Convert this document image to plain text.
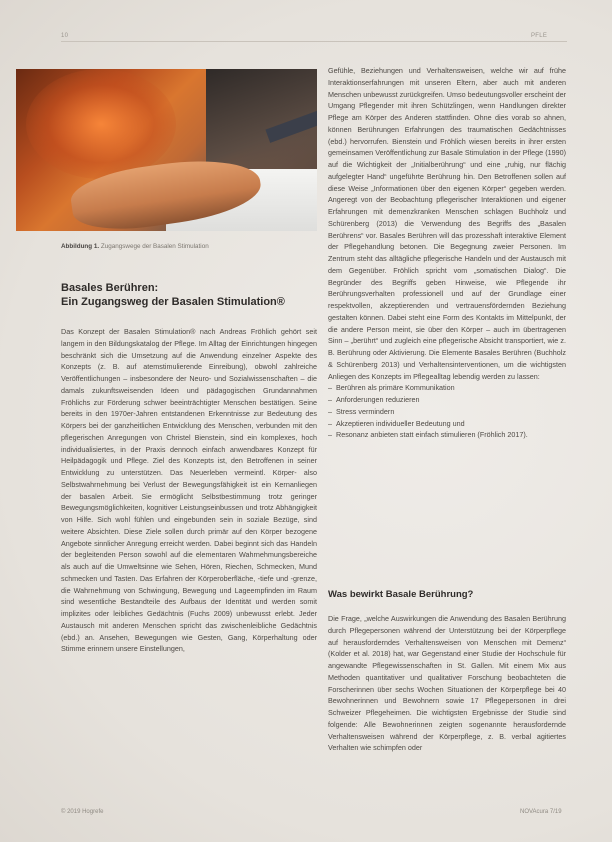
10	PFLE
Abbildung 1. Zugangswege der Basalen Stimulation
Basales Berühren:
Ein Zugangsweg der Basalen Stimulation®

Das Konzept der Basalen Stimulation® nach Andreas Fröhlich gehört seit langem in den Bildungskatalog der Pflege. Im Alltag der Einrichtungen hingegen beschränkt sich die Umsetzung auf die Anwendung einzelner Aspekte des Konzepts (z. B. auf atemstimulierende Einreibung), obwohl zahlreiche Veröffentlichungen – insbesondere der Neuro- und Sozialwissenschaften – die damals zukunftsweisenden Ideen und pädagogischen Grundannahmen Fröhlichs zur Förderung schwer beeinträchtigter Menschen bestätigen. Seine bereits in den 1970er-Jahren entstandenen Erkenntnisse zur Bedeutung des Körpers bei der ganzheitlichen Entwicklung des Menschen, verbunden mit den pflegerischen Anregungen von Christel Bienstein, sind ein komplexes, hoch individualisiertes, in der Praxis dennoch einfach anwendbares Konzept für Heilpädagogik und Pflege. Ziel des Konzepts ist, den Betroffenen in seiner Entwicklung zu unterstützen. Das Neuerleben vermeintl. Körper- also Selbstwahrnehmung bei Verlust der Bewegungsfähigkeit ist ein Kernanliegen der basalen Arbeit. Sie ermöglicht Selbstbestimmung trotz geringer Bewegungsmöglichkeiten, kognitiver Leistungseinbussen und trotz Abhängigkeit von Hilfe. Sich wohl fühlen und eingebunden sein in soziale Bezüge, sind weitere Absichten. Diese Ziele sollen durch primär auf den Körper bezogene Angebote sinnlicher Anregung erreicht werden. Dabei beginnt sich das Handeln der begleitenden Person sowohl auf die elementaren Wahrnehmungsbereiche als auch auf die Umweltsinne wie Sehen, Hören, Riechen, Schmecken, Mund schmecken und Tasten. Das Erfahren der Körperoberfläche, -tiefe und -grenze, die Wahrnehmung von Schwingung, Bewegung und Lageempfinden im Raum sind wesentliche Bestandteile des Aufbaus der Identität und werden somit implizites oder leibliches Gedächtnis (Fuchs 2009) unbewusst erlebt. Jeder Austausch mit anderen Menschen spricht das zwischenleibliche Gedächtnis (ebd.) an. Ansehen, Bewegungen wie Gesten, Gang, Körperhaltung oder Stimme erinnern unsere Einstellungen,

Gefühle, Beziehungen und Verhaltensweisen, welche wir auf frühe Interaktionserfahrungen mit unseren Eltern, aber auch mit anderen Menschen unbewusst zurückgreifen. Umso bedeutungsvoller erscheint der Umgang Pflegender mit ihren Schützlingen, wenn Handlungen direkter Pflege am Körper des Anderen stattfinden. Ohne dies vorab so ahnen, können Berührungen Erfahrungen des traumatischen Gedächtnisses (ebd.) hervorrufen. Bienstein und Fröhlich wiesen bereits in ihrer ersten gemeinsamen Veröffentlichung zur Basale Stimulation in der Pflege (1990) auf die Wichtigkeit der „Initialberührung“ und eine „ruhig, nur flächig aufgelegter Hand“ ungeführte Berührung hin. Den Betroffenen sollen auf diese Weise „Informationen über den eigenen Körper“ gegeben werden. Angeregt von der Beobachtung pflegerischer Interaktionen und eigener Erfahrungen mit demenzkranken Menschen schlagen Buchholz und Schürenberg (2013) die Verwendung des Begriffs des „Basalen Berührens“ vor. Basales Berühren will das prozesshaft interaktive Element der Pflegehandlung betonen. Die Begegnung zweier Personen. Im Zentrum steht das alltägliche pflegerische Handeln und der Austausch mit dem Gegenüber. Fröhlich spricht vom „somatischen Dialog“. Die Begründer des Begriffs geben Hinweise, wie Pflegende ihr Berührungsverhalten professionell und auf der Grundlage einer respektvollen, akzeptierenden und vertrauensfördernden Beziehung gestalten können. Dabei steht eine Form des Kontakts im Mittelpunkt, der die andere Person meint, sie über den Körper – auch im übertragenen Sinn – „berührt“ und zugleich eine pflegerische Absicht transportiert, wie z. B. Berührung oder Aktivierung. Die Elemente Basales Berühren (Buchholz & Schürenberg 2013) und Verhaltensinterventionen, um die wichtigsten Anliegen des Konzepts im Pflegealltag lebendig werden zu lassen:

– Berühren als primäre Kommunikation
– Anforderungen reduzieren
– Stress vermindern
– Akzeptieren individueller Bedeutung und
– Resonanz anbieten statt einfach stimulieren (Fröhlich 2017).
Was bewirkt Basale Berührung?

Die Frage, „welche Auswirkungen die Anwendung des Basalen Berührung durch Pflegepersonen während der Unterstützung bei der Körperpflege auf herausforderndes Verhaltensweisen von Menschen mit Demenz“ (Kolder et al. 2018) hat, war Gegenstand einer Studie der Hochschule für angewandte Pflegewissenschaften in St. Gallen. Mit einem Mix aus Methoden quantitativer und qualitativer Forschung beobachteten die Forscherinnen über sechs Wochen Situationen der Körperpflege bei 40 Bewohnerinnen und Bewohnern sowie 17 Pflegepersonen in drei Schweizer Pflegeheimen. Die wichtigsten Ergebnisse der Studie sind folgende: Alle Bewohnerinnen zeigten sogenannte herausfordernde Verhaltensweisen während der Körperpflege, z. B. verbal agitiertes Verhalten wie schimpfen oder

© 2019 Hogrefe	NOVAcura 7/19
